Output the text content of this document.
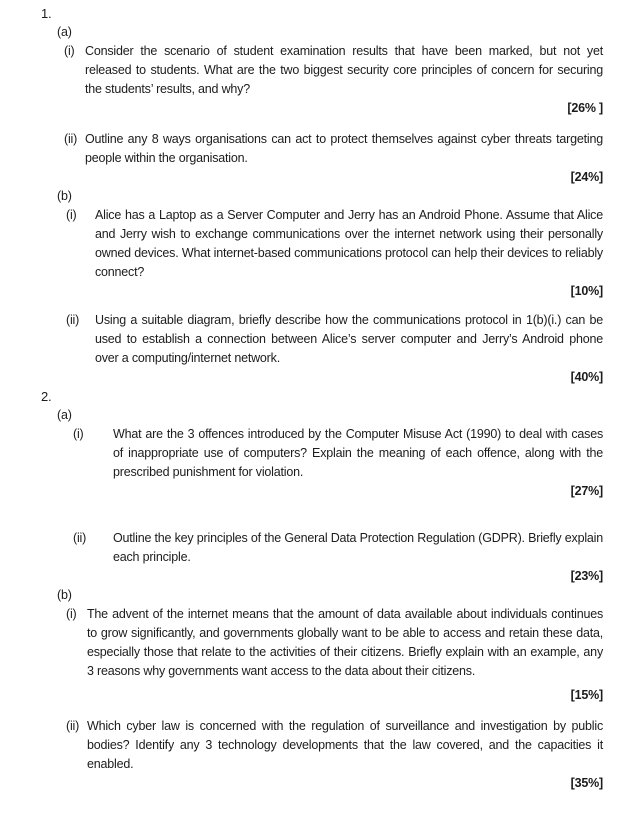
1.
(a)
(i) Consider the scenario of student examination results that have been marked, but not yet released to students. What are the two biggest security core principles of concern for securing the students’ results, and why?
[26% ]
(ii) Outline any 8 ways organisations can act to protect themselves against cyber threats targeting people within the organisation.
[24%]
(b)
(i)	Alice has a Laptop as a Server Computer and Jerry has an Android Phone. Assume that Alice and Jerry wish to exchange communications over the internet network using their personally owned devices. What internet-based communications protocol can help their devices to reliably connect?
[10%]
(ii)	Using a suitable diagram, briefly describe how the communications protocol in 1(b)(i.) can be used to establish a connection between Alice’s server computer and Jerry’s Android phone over a computing/internet network.
[40%]
2.
(a)
(i)	What are the 3 offences introduced by the Computer Misuse Act (1990) to deal with cases of inappropriate use of computers? Explain the meaning of each offence, along with the prescribed punishment for violation.
[27%]
(ii)	Outline the key principles of the General Data Protection Regulation (GDPR). Briefly explain each principle.
[23%]
(b)
(i) The advent of the internet means that the amount of data available about individuals continues to grow significantly, and governments globally want to be able to access and retain these data, especially those that relate to the activities of their citizens. Briefly explain with an example, any 3 reasons why governments want access to the data about their citizens.
[15%]
(ii) Which cyber law is concerned with the regulation of surveillance and investigation by public bodies? Identify any 3 technology developments that the law covered, and the capacities it enabled.
[35%]
